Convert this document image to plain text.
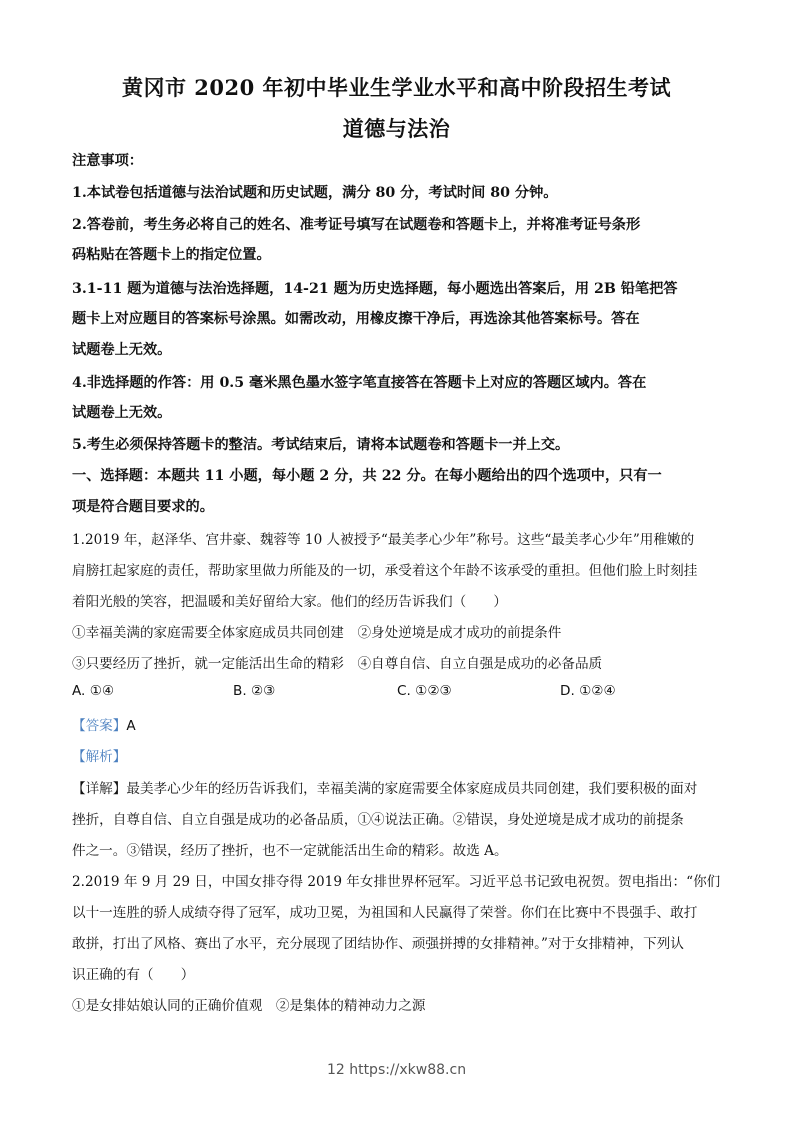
黄冈市 2020 年初中毕业生学业水平和高中阶段招生考试
道德与法治
注意事项：
1.本试卷包括道德与法治试题和历史试题，满分 80 分，考试时间 80 分钟。
2.答卷前，考生务必将自己的姓名、准考证号填写在试题卷和答题卡上，并将准考证号条形
码粘贴在答题卡上的指定位置。
3.1-11 题为道德与法治选择题，14-21 题为历史选择题，每小题选出答案后，用 2B 铅笔把答
题卡上对应题目的答案标号涂黑。如需改动，用橡皮擦干净后，再选涂其他答案标号。答在
试题卷上无效。
4.非选择题的作答：用 0.5 毫米黑色墨水签字笔直接答在答题卡上对应的答题区域内。答在
试题卷上无效。
5.考生必须保持答题卡的整洁。考试结束后，请将本试题卷和答题卡一并上交。
一、选择题：本题共 11 小题，每小题 2 分，共 22 分。在每小题给出的四个选项中，只有一
项是符合题目要求的。
1.2019 年，赵泽华、宫井豪、魏蓉等 10 人被授予“最美孝心少年”称号。这些“最美孝心少年”用稚嫩的
肩膀扛起家庭的责任，帮助家里做力所能及的一切，承受着这个年龄不该承受的重担。但他们脸上时刻挂
着阳光般的笑容，把温暖和美好留给大家。他们的经历告诉我们（　　）
①幸福美满的家庭需要全体家庭成员共同创建　②身处逆境是成才成功的前提条件
③只要经历了挫折，就一定能活出生命的精彩　④自尊自信、自立自强是成功的必备品质
A. ①④	B. ②③	C. ①②③	D. ①②④
【答案】A
【解析】
【详解】最美孝心少年的经历告诉我们，幸福美满的家庭需要全体家庭成员共同创建，我们要积极的面对
挫折，自尊自信、自立自强是成功的必备品质，①④说法正确。②错误，身处逆境是成才成功的前提条
件之一。③错误，经历了挫折，也不一定就能活出生命的精彩。故选 A。
2.2019 年 9 月 29 日，中国女排夺得 2019 年女排世界杯冠军。习近平总书记致电祝贺。贺电指出：“你们
以十一连胜的骄人成绩夺得了冠军，成功卫冕，为祖国和人民赢得了荣誉。你们在比赛中不畏强手、敢打
敢拼，打出了风格、赛出了水平，充分展现了团结协作、顽强拼搏的女排精神。”对于女排精神，下列认
识正确的有（　　）
①是女排姑娘认同的正确价值观　②是集体的精神动力之源
12 https://xkw88.cn
